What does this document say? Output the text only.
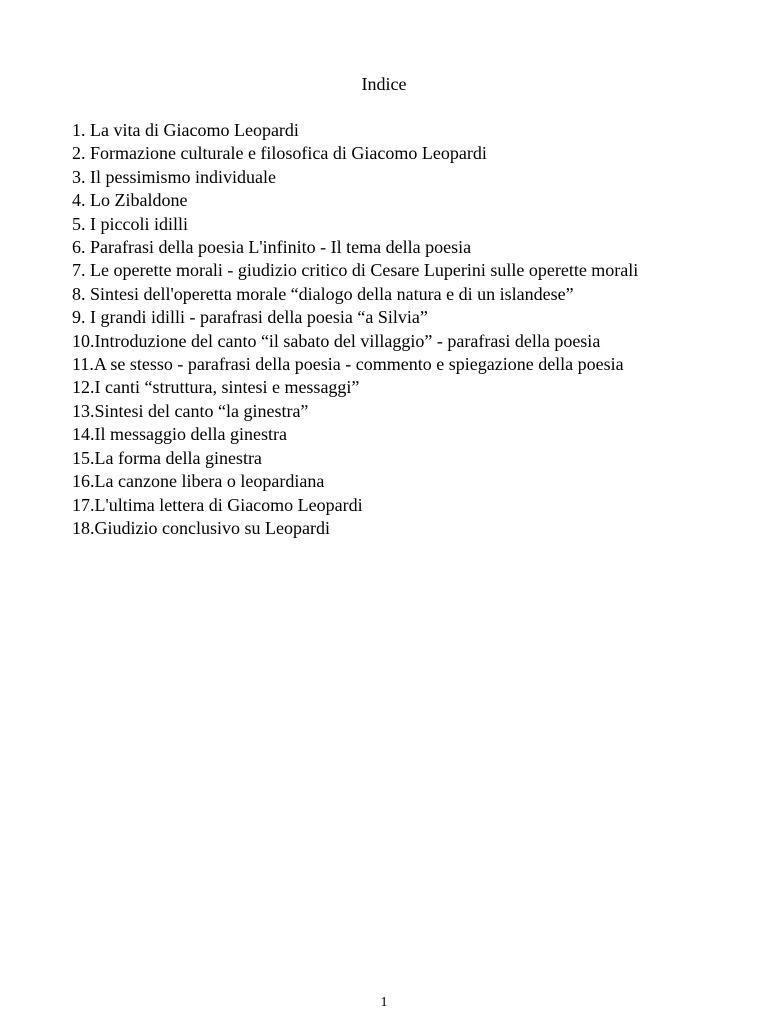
Indice
1. La vita di Giacomo Leopardi
2. Formazione culturale e filosofica di Giacomo Leopardi
3. Il pessimismo individuale
4. Lo Zibaldone
5. I piccoli idilli
6. Parafrasi della poesia L'infinito - Il tema della poesia
7. Le operette morali - giudizio critico di Cesare Luperini sulle operette morali
8. Sintesi dell'operetta morale “dialogo della natura e di un islandese”
9. I grandi idilli - parafrasi della poesia “a Silvia”
10. Introduzione del canto “il sabato del villaggio” - parafrasi della poesia
11. A se stesso - parafrasi della poesia - commento e spiegazione della poesia
12. I canti “struttura, sintesi e messaggi”
13. Sintesi del canto “la ginestra”
14. Il messaggio della ginestra
15. La forma della ginestra
16. La canzone libera o leopardiana
17. L'ultima lettera di Giacomo Leopardi
18. Giudizio conclusivo su Leopardi
1
